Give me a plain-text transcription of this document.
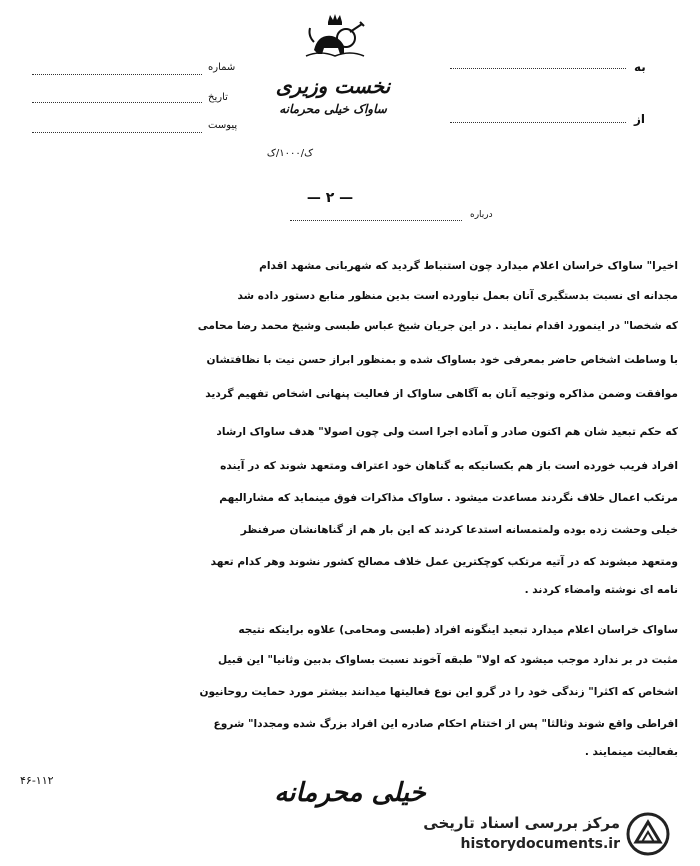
شماره
تاریخ
پیوست
به
از
نخست وزیری
ساواک خیلی محرمانه
ک/۱۰۰۰/ک
— ۲ —
درباره
اخیرا" ساواک خراسان اعلام میدارد چون استنباط گردید که شهربانی مشهد اقدام
مجدانه ای نسبت بدستگیری آنان بعمل نیاورده است بدین منظور منابع دستور داده شد
که شخصا" در اینمورد اقدام نمایند . در این جریان شیخ عباس طبسی وشیخ محمد رضا محامی
با وساطت اشخاص حاضر بمعرفی خود بساواک شده و بمنظور ابراز حسن نیت با نظافتشان
موافقت وضمن مذاکره وتوجیه آنان به آگاهی ساواک از فعالیت پنهانی اشخاص تفهیم گردید
که حکم تبعید شان هم اکنون صادر و آماده اجرا است ولی چون اصولا" هدف ساواک ارشاد
افراد فریب خورده است باز هم بکسانیکه به گناهان خود اعتراف ومتعهد شوند که در آینده
مرتکب اعمال خلاف نگردند مساعدت میشود . ساواک مذاکرات فوق مینماید که مشارالیهم
خیلی وحشت زده بوده ولمتمسانه استدعا کردند که این بار هم از گناهانشان صرفنظر
ومتعهد میشوند که در آتیه مرتکب کوچکترین عمل خلاف مصالح کشور نشوند وهر کدام تعهد
نامه ای نوشته وامضاء کردند .
ساواک خراسان اعلام میدارد تبعید اینگونه افراد (طبسی ومحامی) علاوه براینکه نتیجه
مثبت در بر ندارد موجب میشود که اولا" طبقه آخوند نسبت بساواک بدبین وثانیا" این قبیل
اشخاص که اکثرا" زندگی خود را در گرو این نوع فعالیتها میدانند بیشتر مورد حمایت روحانیون
افراطی واقع شوند وثالثا" پس از اختتام احکام صادره این افراد بزرگ شده ومجددا" شروع
بفعالیت مینمایند .
۴۶-۱۱۲	خیلی محرمانه
مرکز بررسی اسناد تاریخی
historydocuments.ir
